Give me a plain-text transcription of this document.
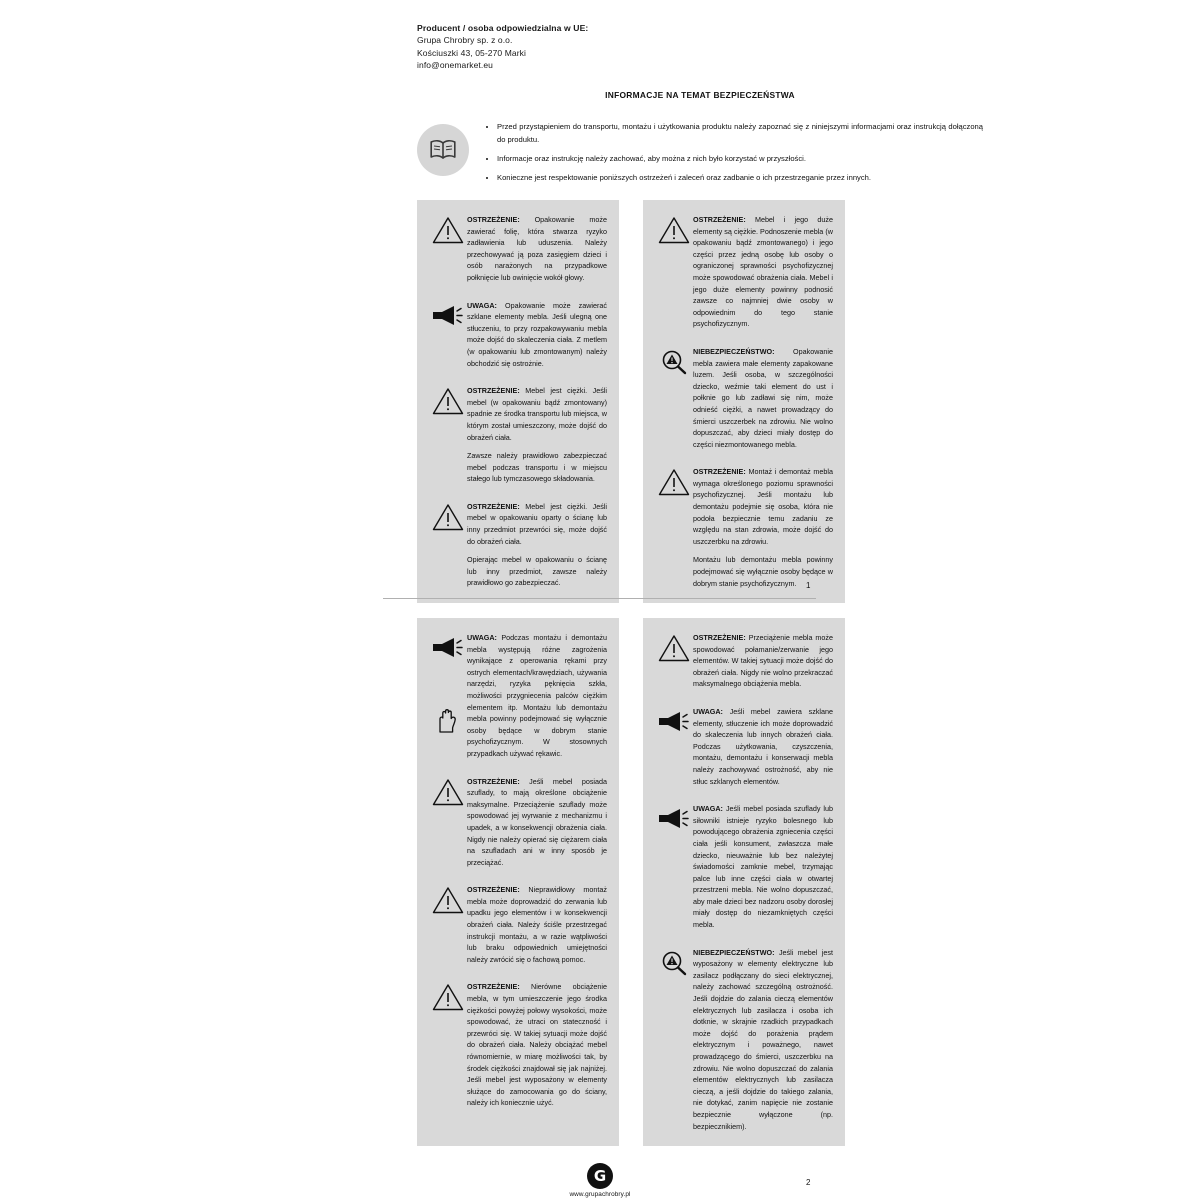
Producent / osoba odpowiedzialna w UE:
Grupa Chrobry sp. z o.o.
Kościuszki 43, 05-270 Marki
info@onemarket.eu
INFORMACJE NA TEMAT BEZPIECZEŃSTWA
• Przed przystąpieniem do transportu, montażu i użytkowania produktu należy zapoznać się z niniejszymi informacjami oraz instrukcją dołączoną do produktu.
• Informacje oraz instrukcję należy zachować, aby można z nich było korzystać w przyszłości.
• Konieczne jest respektowanie poniższych ostrzeżeń i zaleceń oraz zadbanie o ich przestrzeganie przez innych.

OSTRZEŻENIE: Opakowanie może zawierać folię, która stwarza ryzyko zadławienia lub uduszenia. Należy przechowywać ją poza zasięgiem dzieci i osób narażonych na przypadkowe połknięcie lub owinięcie wokół głowy.

UWAGA: Opakowanie może zawierać szklane elementy mebla. Jeśli ulegną one stłuczeniu, to przy rozpakowywaniu mebla może dojść do skaleczenia ciała. Z metlem (w opakowaniu lub zmontowanym) należy obchodzić się ostrożnie.

OSTRZEŻENIE: Mebel jest ciężki. Jeśli mebel (w opakowaniu bądź zmontowany) spadnie ze środka transportu lub miejsca, w którym został umieszczony, może dojść do obrażeń ciała.

Zawsze należy prawidłowo zabezpieczać mebel podczas transportu i w miejscu stałego lub tymczasowego składowania.

OSTRZEŻENIE: Mebel jest ciężki. Jeśli mebel w opakowaniu oparty o ścianę lub inny przedmiot przewróci się, może dojść do obrażeń ciała.

Opierając mebel w opakowaniu o ścianę lub inny przedmiot, zawsze należy prawidłowo go zabezpieczać.

OSTRZEŻENIE: Mebel i jego duże elementy są ciężkie. Podnoszenie mebla (w opakowaniu bądź zmontowanego) i jego części przez jedną osobę lub osoby o ograniczonej sprawności psychofizycznej może spowodować obrażenia ciała. Mebel i jego duże elementy powinny podnosić zawsze co najmniej dwie osoby w odpowiednim do tego stanie psychofizycznym.

NIEBEZPIECZEŃSTWO:	Opakowanie mebla zawiera małe elementy zapakowane luzem. Jeśli osoba, w szczególności dziecko, weźmie taki element do ust i połknie go lub zadławi się nim, może odnieść ciężki, a nawet prowadzący do śmierci uszczerbek na zdrowiu. Nie wolno dopuszczać, aby dzieci miały dostęp do części niezmontowanego mebla.

OSTRZEŻENIE: Montaż i demontaż mebla wymaga określonego poziomu sprawności psychofizycznej. Jeśli montażu lub demontażu podejmie się osoba, która nie podoła bezpiecznie temu zadaniu ze względu na stan zdrowia, może dojść do uszczerbku na zdrowiu.

Montażu lub demontażu mebla powinny podejmować się wyłącznie osoby będące w dobrym stanie psychofizycznym.	1

UWAGA: Podczas montażu i demontażu mebla występują różne zagrożenia wynikające z operowania rękami przy ostrych elementach/krawędziach, używania narzędzi, ryzyka pęknięcia szkła, możliwości przygniecenia palców ciężkim elementem itp. Montażu lub demontażu mebla powinny podejmować się wyłącznie osoby będące w dobrym stanie psychofizycznym. W stosownych przypadkach używać rękawic.

OSTRZEŻENIE: Jeśli mebel posiada szuflady, to mają określone obciążenie maksymalne. Przeciążenie szuflady może spowodować jej wyrwanie z mechanizmu i upadek, a w konsekwencji obrażenia ciała. Nigdy nie należy opierać się ciężarem ciała na szufladach ani w inny sposób je przeciążać.

OSTRZEŻENIE: Nieprawidłowy montaż mebla może doprowadzić do zerwania lub upadku jego elementów i w konsekwencji obrażeń ciała. Należy ściśle przestrzegać instrukcji montażu, a w razie wątpliwości lub braku odpowiednich umiejętności należy zwrócić się o fachową pomoc.

OSTRZEŻENIE: Nierówne obciążenie mebla, w tym umieszczenie jego środka ciężkości powyżej połowy wysokości, może spowodować, że utraci on stateczność i przewróci się. W takiej sytuacji może dojść do obrażeń ciała. Należy obciążać mebel równomiernie, w miarę możliwości tak, by środek ciężkości znajdował się jak najniżej. Jeśli mebel jest wyposażony w elementy służące do zamocowania go do ściany, należy ich koniecznie użyć.

OSTRZEŻENIE: Przeciążenie mebla może spowodować połamanie/zerwanie jego elementów. W takiej sytuacji może dojść do obrażeń ciała. Nigdy nie wolno przekraczać maksymalnego obciążenia mebla.

UWAGA: Jeśli mebel zawiera szklane elementy, stłuczenie ich może doprowadzić do skaleczenia lub innych obrażeń ciała. Podczas użytkowania, czyszczenia, montażu, demontażu i konserwacji mebla należy zachowywać ostrożność, aby nie stłuc szklanych elementów.

UWAGA: Jeśli mebel posiada szuflady lub siłowniki istnieje ryzyko bolesnego lub powodującego obrażenia zgniecenia części ciała jeśli konsument, zwłaszcza małe dziecko, nieuważnie lub bez należytej świadomości zamknie mebel, trzymając palce lub inne części ciała w otwartej przestrzeni mebla. Nie wolno dopuszczać, aby małe dzieci bez nadzoru osoby dorosłej miały dostęp do niezamkniętych części mebla.

NIEBEZPIECZEŃSTWO: Jeśli mebel jest wyposażony w elementy elektryczne lub zasilacz podłączany do sieci elektrycznej, należy zachować szczególną ostrożność. Jeśli dojdzie do zalania cieczą elementów elektrycznych lub zasilacza i osoba ich dotknie, w skrajnie rzadkich przypadkach może dojść do porażenia prądem elektrycznym i poważnego, nawet prowadzącego do śmierci, uszczerbku na zdrowiu. Nie wolno dopuszczać do zalania elementów elektrycznych lub zasilacza cieczą, a jeśli dojdzie do takiego zalania, nie dotykać, zanim napięcie nie zostanie bezpiecznie wyłączone (np. bezpiecznikiem).

G
www.grupachrobry.pl
2
